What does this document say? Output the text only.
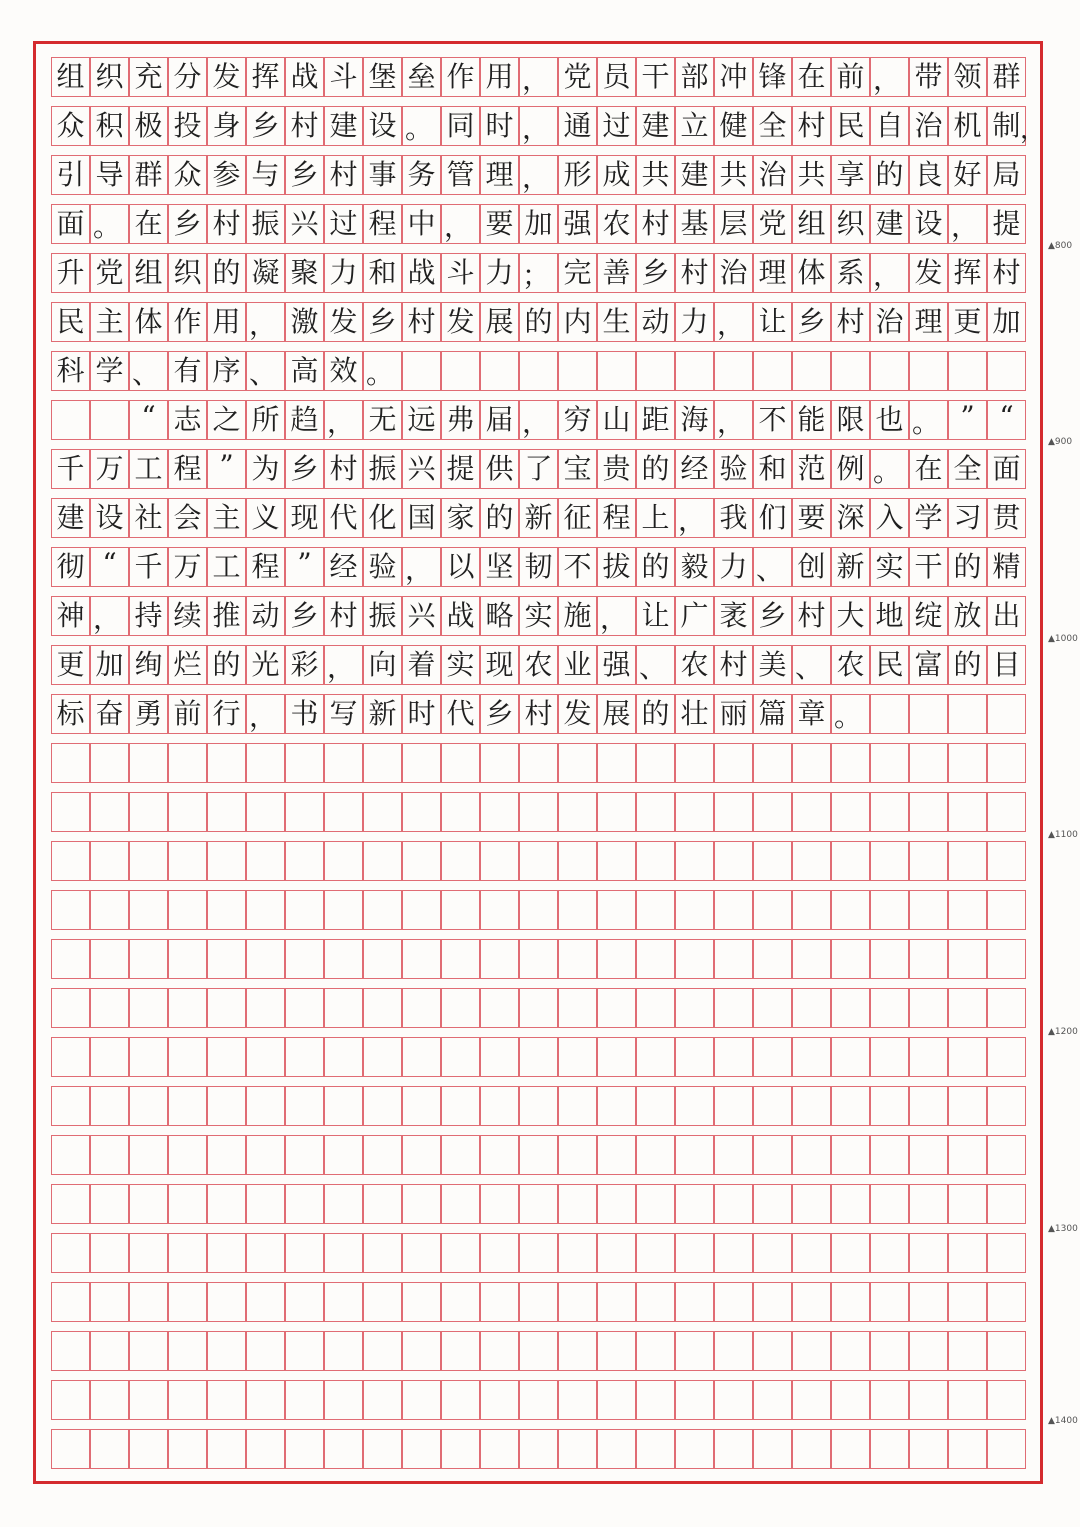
组 织 充 分 发 挥 战 斗 堡 垒 作 用 ， 党 员 干 部 冲 锋 在 前 ， 带 领 群
众 积 极 投 身 乡 村 建 设 。 同 时 ， 通 过 建 立 健 全 村 民 自 治 机 制 ，
引 导 群 众 参 与 乡 村 事 务 管 理 ， 形 成 共 建 共 治 共 享 的 良 好 局
面 。 在 乡 村 振 兴 过 程 中 ， 要 加 强 农 村 基 层 党 组 织 建 设 ， 提
升 党 组 织 的 凝 聚 力 和 战 斗 力 ； 完 善 乡 村 治 理 体 系 ， 发 挥 村
民 主 体 作 用 ， 激 发 乡 村 发 展 的 内 生 动 力 ， 让 乡 村 治 理 更 加
科 学 、 有 序 、 高 效 。
“ 志 之 所 趋 ， 无 远 弗 届 ， 穷 山 距 海 ， 不 能 限 也 。 ” “
千 万 工 程 ” 为 乡 村 振 兴 提 供 了 宝 贵 的 经 验 和 范 例 。 在 全 面
建 设 社 会 主 义 现 代 化 国 家 的 新 征 程 上 ， 我 们 要 深 入 学 习 贯
彻 “ 千 万 工 程 ” 经 验 ， 以 坚 韧 不 拔 的 毅 力 、 创 新 实 干 的 精
神 ， 持 续 推 动 乡 村 振 兴 战 略 实 施 ， 让 广 袤 乡 村 大 地 绽 放 出
更 加 绚 烂 的 光 彩 ， 向 着 实 现 农 业 强 、 农 村 美 、 农 民 富 的 目
标 奋 勇 前 行 ， 书 写 新 时 代 乡 村 发 展 的 壮 丽 篇 章 。
▲800
▲900
▲1000
▲1100
▲1200
▲1300
▲1400
